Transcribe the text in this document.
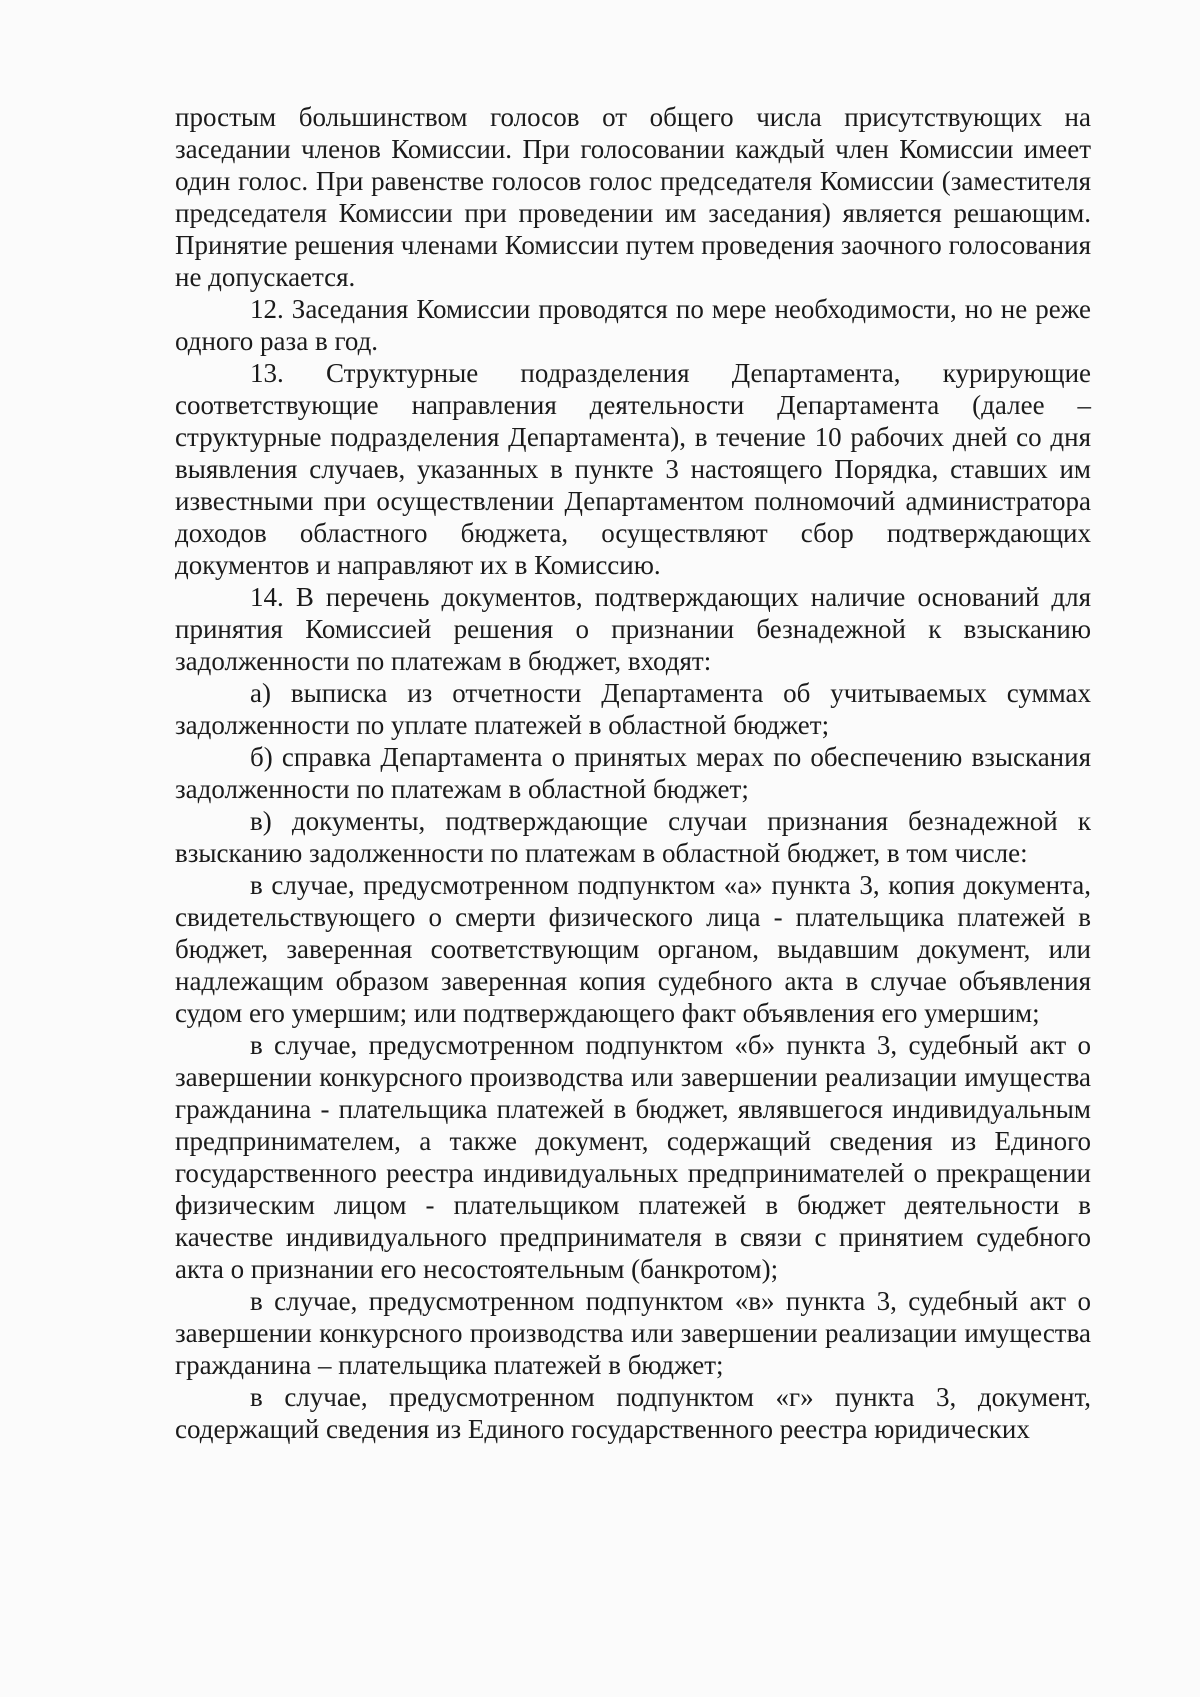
простым большинством голосов от общего числа присутствующих на заседании членов Комиссии. При голосовании каждый член Комиссии имеет один голос. При равенстве голосов голос председателя Комиссии (заместителя председателя Комиссии при проведении им заседания) является решающим. Принятие решения членами Комиссии путем проведения заочного голосования не допускается.

12. Заседания Комиссии проводятся по мере необходимости, но не реже одного раза в год.

13. Структурные подразделения Департамента, курирующие соответствующие направления деятельности Департамента (далее – структурные подразделения Департамента), в течение 10 рабочих дней со дня выявления случаев, указанных в пункте 3 настоящего Порядка, ставших им известными при осуществлении Департаментом полномочий администратора доходов областного бюджета, осуществляют сбор подтверждающих документов и направляют их в Комиссию.

14. В перечень документов, подтверждающих наличие оснований для принятия Комиссией решения о признании безнадежной к взысканию задолженности по платежам в бюджет, входят:

а) выписка из отчетности Департамента об учитываемых суммах задолженности по уплате платежей в областной бюджет;

б) справка Департамента о принятых мерах по обеспечению взыскания задолженности по платежам в областной бюджет;

в) документы, подтверждающие случаи признания безнадежной к взысканию задолженности по платежам в областной бюджет, в том числе:

в случае, предусмотренном подпунктом «а» пункта 3, копия документа, свидетельствующего о смерти физического лица - плательщика платежей в бюджет, заверенная соответствующим органом, выдавшим документ, или надлежащим образом заверенная копия судебного акта в случае объявления судом его умершим; или подтверждающего факт объявления его умершим;

в случае, предусмотренном подпунктом «б» пункта 3, судебный акт о завершении конкурсного производства или завершении реализации имущества гражданина - плательщика платежей в бюджет, являвшегося индивидуальным предпринимателем, а также документ, содержащий сведения из Единого государственного реестра индивидуальных предпринимателей о прекращении физическим лицом - плательщиком платежей в бюджет деятельности в качестве индивидуального предпринимателя в связи с принятием судебного акта о признании его несостоятельным (банкротом);

в случае, предусмотренном подпунктом «в» пункта 3, судебный акт о завершении конкурсного производства или завершении реализации имущества гражданина – плательщика платежей в бюджет;

в случае, предусмотренном подпунктом «г» пункта 3, документ, содержащий сведения из Единого государственного реестра юридических
